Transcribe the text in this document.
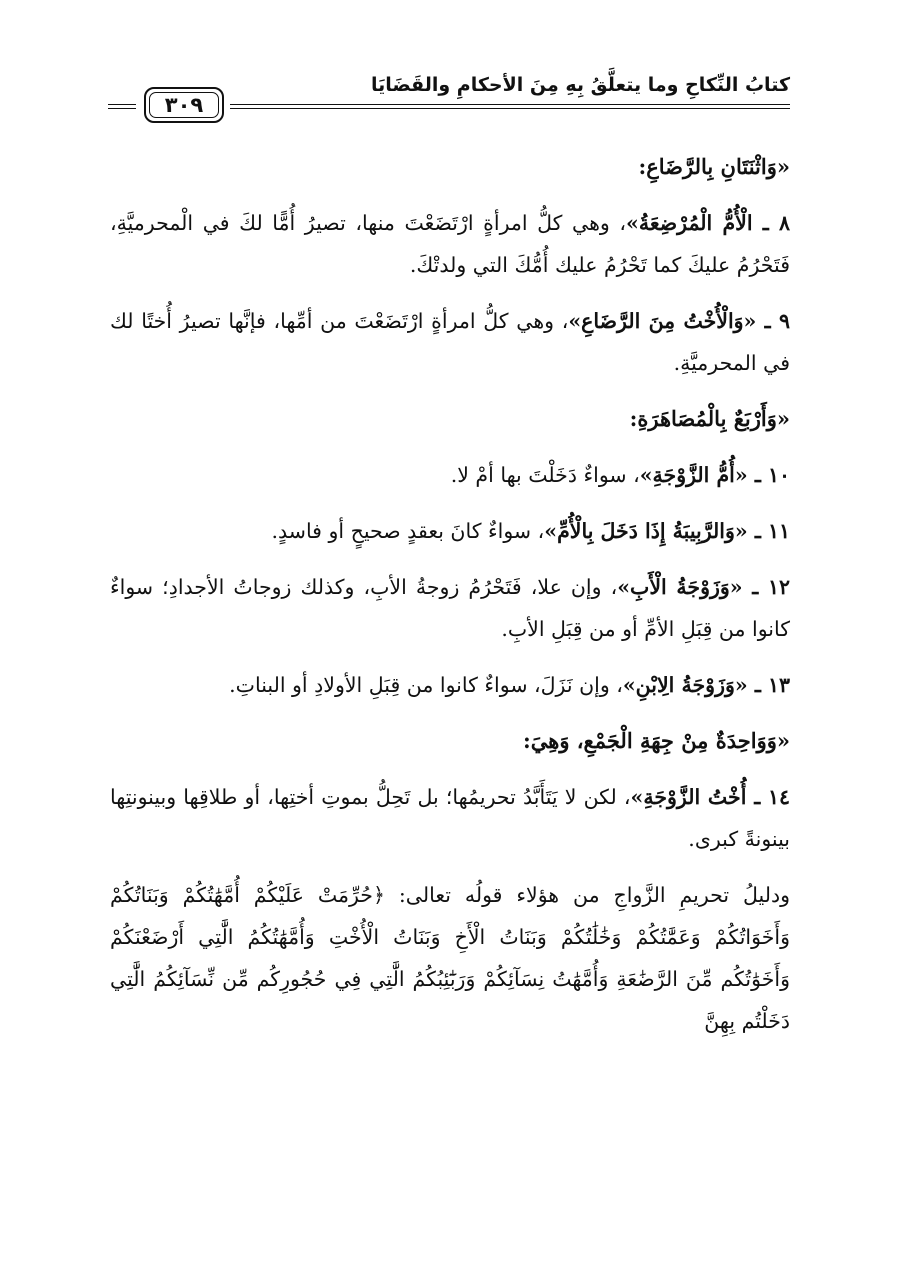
كتابُ النِّكاحِ وما يتعلَّقُ بِهِ مِنَ الأحكامِ والقَضَايَا
٣٠٩

«وَاثْنَتَانِ بِالرَّضَاعِ:

٨ ـ الْأُمُّ الْمُرْضِعَةُ»، وهي كلُّ امرأةٍ ارْتَضَعْتَ منها، تصيرُ أُمًّا لكَ في الْمحرميَّةِ، فَتَحْرُمُ عليكَ كما تَحْرُمُ عليك أُمُّكَ التي ولدتْكَ.

٩ ـ «وَالْأُخْتُ مِنَ الرَّضَاعِ»، وهي كلُّ امرأةٍ ارْتَضَعْتَ من أمِّها، فإنَّها تصيرُ أُختًا لك في المحرميَّةِ.

«وَأَرْبَعٌ بِالْمُصَاهَرَةِ:

١٠ ـ «أُمُّ الزَّوْجَةِ»، سواءٌ دَخَلْتَ بها أمْ لا.

١١ ـ «وَالرَّبِيبَةُ إِذَا دَخَلَ بِالْأُمِّ»، سواءٌ كانَ بعقدٍ صحيحٍ أو فاسدٍ.

١٢ ـ «وَزَوْجَةُ الْأَبِ»، وإن علا، فَتَحْرُمُ زوجةُ الأبِ، وكذلك زوجاتُ الأجدادِ؛ سواءٌ كانوا من قِبَلِ الأمِّ أو من قِبَلِ الأبِ.

١٣ ـ «وَزَوْجَةُ الِابْنِ»، وإن نَزَلَ، سواءٌ كانوا من قِبَلِ الأولادِ أو البناتِ.

«وَوَاحِدَةٌ مِنْ جِهَةِ الْجَمْعِ، وَهِيَ:

١٤ ـ أُخْتُ الزَّوْجَةِ»، لكن لا يَتَأَبَّدُ تحريمُها؛ بل تَحِلُّ بموتِ أختِها، أو طلاقِها وبينونتِها بينونةً كبرى.

ودليلُ تحريمِ الزَّواجِ من هؤلاء قولُه تعالى: ﴿حُرِّمَتْ عَلَيْكُمْ أُمَّهَٰتُكُمْ وَبَنَاتُكُمْ وَأَخَوَاتُكُمْ وَعَمَّٰتُكُمْ وَخَٰلَٰتُكُمْ وَبَنَاتُ الْأَخِ وَبَنَاتُ الْأُخْتِ وَأُمَّهَٰتُكُمُ الَّٰتِي أَرْضَعْنَكُمْ وَأَخَوَٰتُكُم مِّنَ الرَّضَٰعَةِ وَأُمَّهَٰتُ نِسَآئِكُمْ وَرَبَٰٓئِبُكُمُ الَّٰتِي فِي حُجُورِكُم مِّن نِّسَآئِكُمُ الَّٰتِي دَخَلْتُم بِهِنَّ
